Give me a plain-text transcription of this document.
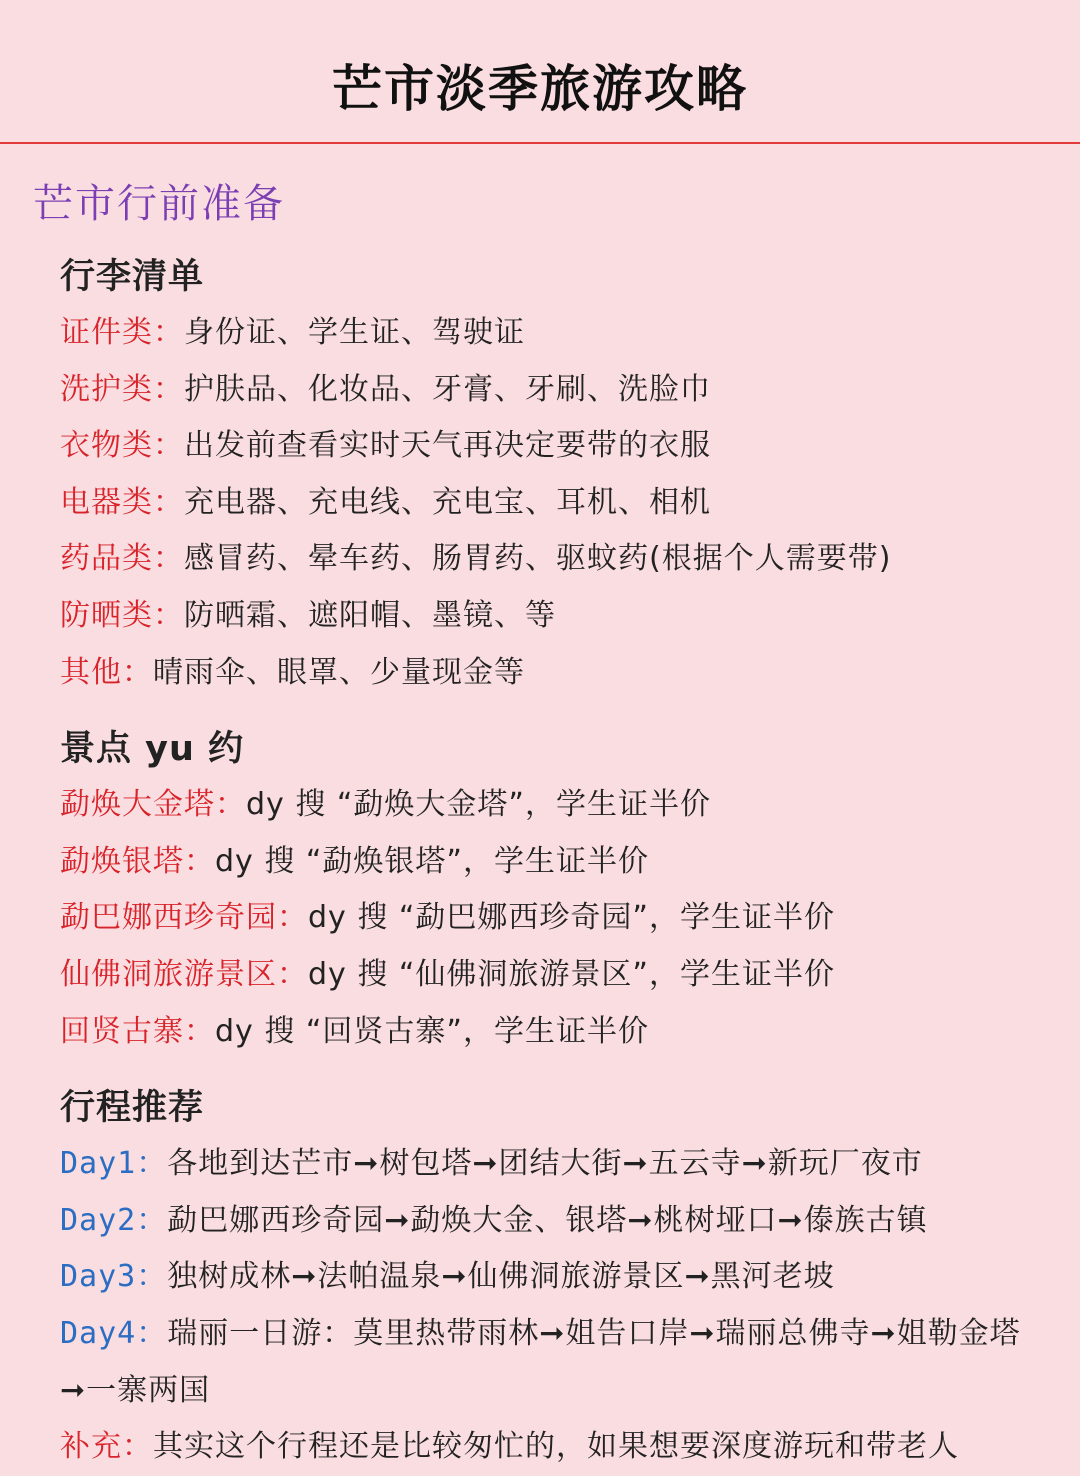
芒市淡季旅游攻略
芒市行前准备
行李清单
证件类：身份证、学生证、驾驶证
洗护类：护肤品、化妆品、牙膏、牙刷、洗脸巾
衣物类：出发前查看实时天气再决定要带的衣服
电器类：充电器、充电线、充电宝、耳机、相机
药品类：感冒药、晕车药、肠胃药、驱蚊药(根据个人需要带)
防晒类：防晒霜、遮阳帽、墨镜、等
其他：晴雨伞、眼罩、少量现金等
景点 yu 约
勐焕大金塔：dy 搜 “勐焕大金塔”，学生证半价
勐焕银塔：dy 搜 “勐焕银塔”，学生证半价
勐巴娜西珍奇园：dy 搜 “勐巴娜西珍奇园”，学生证半价
仙佛洞旅游景区：dy 搜 “仙佛洞旅游景区”，学生证半价
回贤古寨：dy 搜 “回贤古寨”，学生证半价
行程推荐
Day1：各地到达芒市➞树包塔➞团结大街➞五云寺➞新玩厂夜市
Day2：勐巴娜西珍奇园➞勐焕大金、银塔➞桃树垭口➞傣族古镇
Day3：独树成林➞法帕温泉➞仙佛洞旅游景区➞黑河老坡
Day4：瑞丽一日游：莫里热带雨林➞姐告口岸➞瑞丽总佛寺➞姐勒金塔➞一寨两国
补充：其实这个行程还是比较匆忙的，如果想要深度游玩和带老人
